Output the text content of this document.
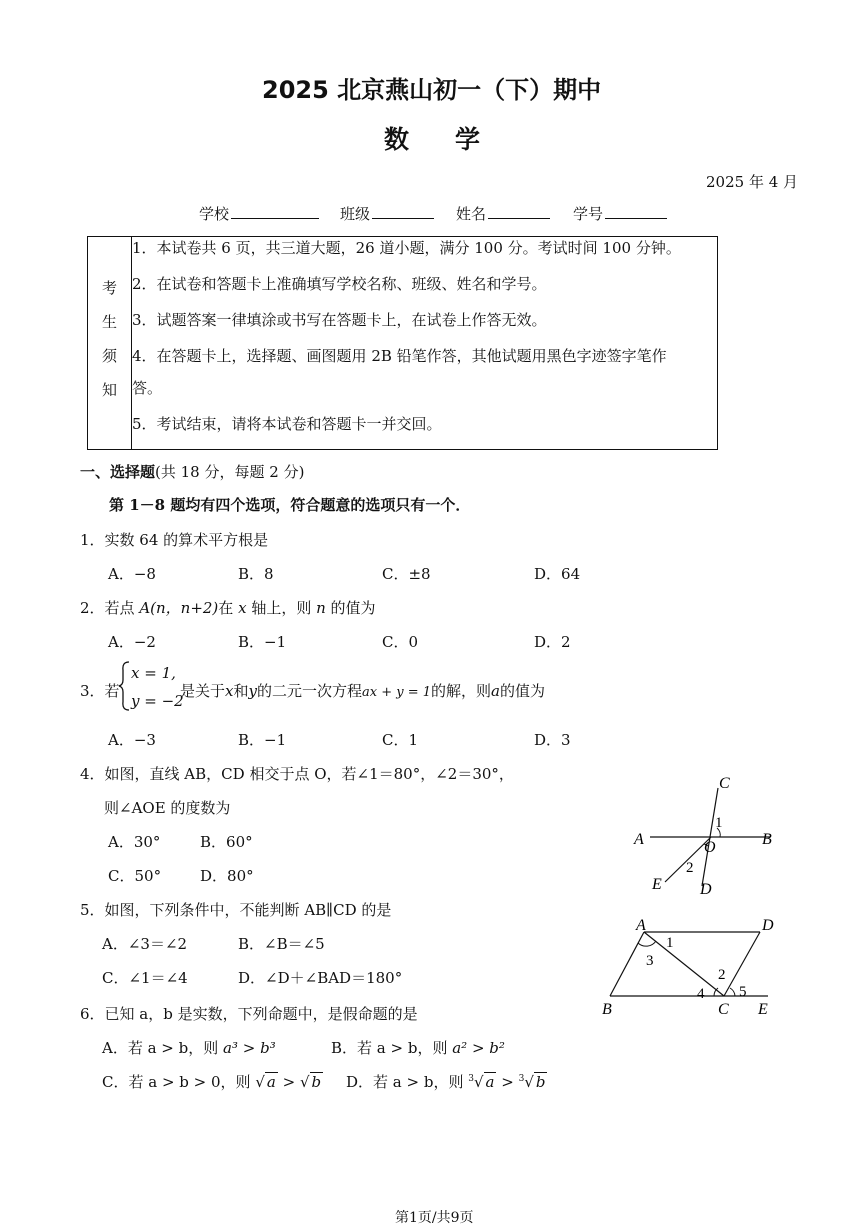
2025 北京燕山初一（下）期中
数学
2025 年 4 月
学校	班级	姓名	学号
考
生
须
知

1．本试卷共 6 页，共三道大题，26 道小题，满分 100 分。考试时间 100 分钟。

2．在试卷和答题卡上准确填写学校名称、班级、姓名和学号。

3．试题答案一律填涂或书写在答题卡上，在试卷上作答无效。

4．在答题卡上，选择题、画图题用 2B 铅笔作答，其他试题用黑色字迹签字笔作

答。

5．考试结束，请将本试卷和答题卡一并交回。

一、选择题(共 18 分，每题 2 分)
第 1－8 题均有四个选项，符合题意的选项只有一个．
1．实数 64 的算术平方根是
A．−8	B．8	C．±8	D．64
2．若点 A(n，n+2)在 x 轴上，则 n 的值为
A．−2	B．−1	C．0	D．2
3．若
x = 1,
y = −2
是关于x和y的二元一次方程ax + y = 1的解，则a的值为
A．−3	B．−1	C．1	D．3
4．如图，直线 AB，CD 相交于点 O，若∠1＝80°，∠2＝30°，
则∠AOE 的度数为
A．30°	B．60°
C．50°	D．80°
C
A	B
O
E D
1
2
5．如图，下列条件中，不能判断 AB∥CD 的是
A．∠3＝∠2	B．∠B＝∠5
C．∠1＝∠4	D．∠D＋∠BAD＝180°
A	D
B	C E
1
2
3
4 5
6．已知 a，b 是实数，下列命题中，是假命题的是
A．若 a > b，则 a³ > b³	B．若 a > b，则 a² > b²
C．若 a > b > 0，则 √ a > √ b D．若 a > b，则 $^3$√ a > $^3$√ b
第1页/共9页
